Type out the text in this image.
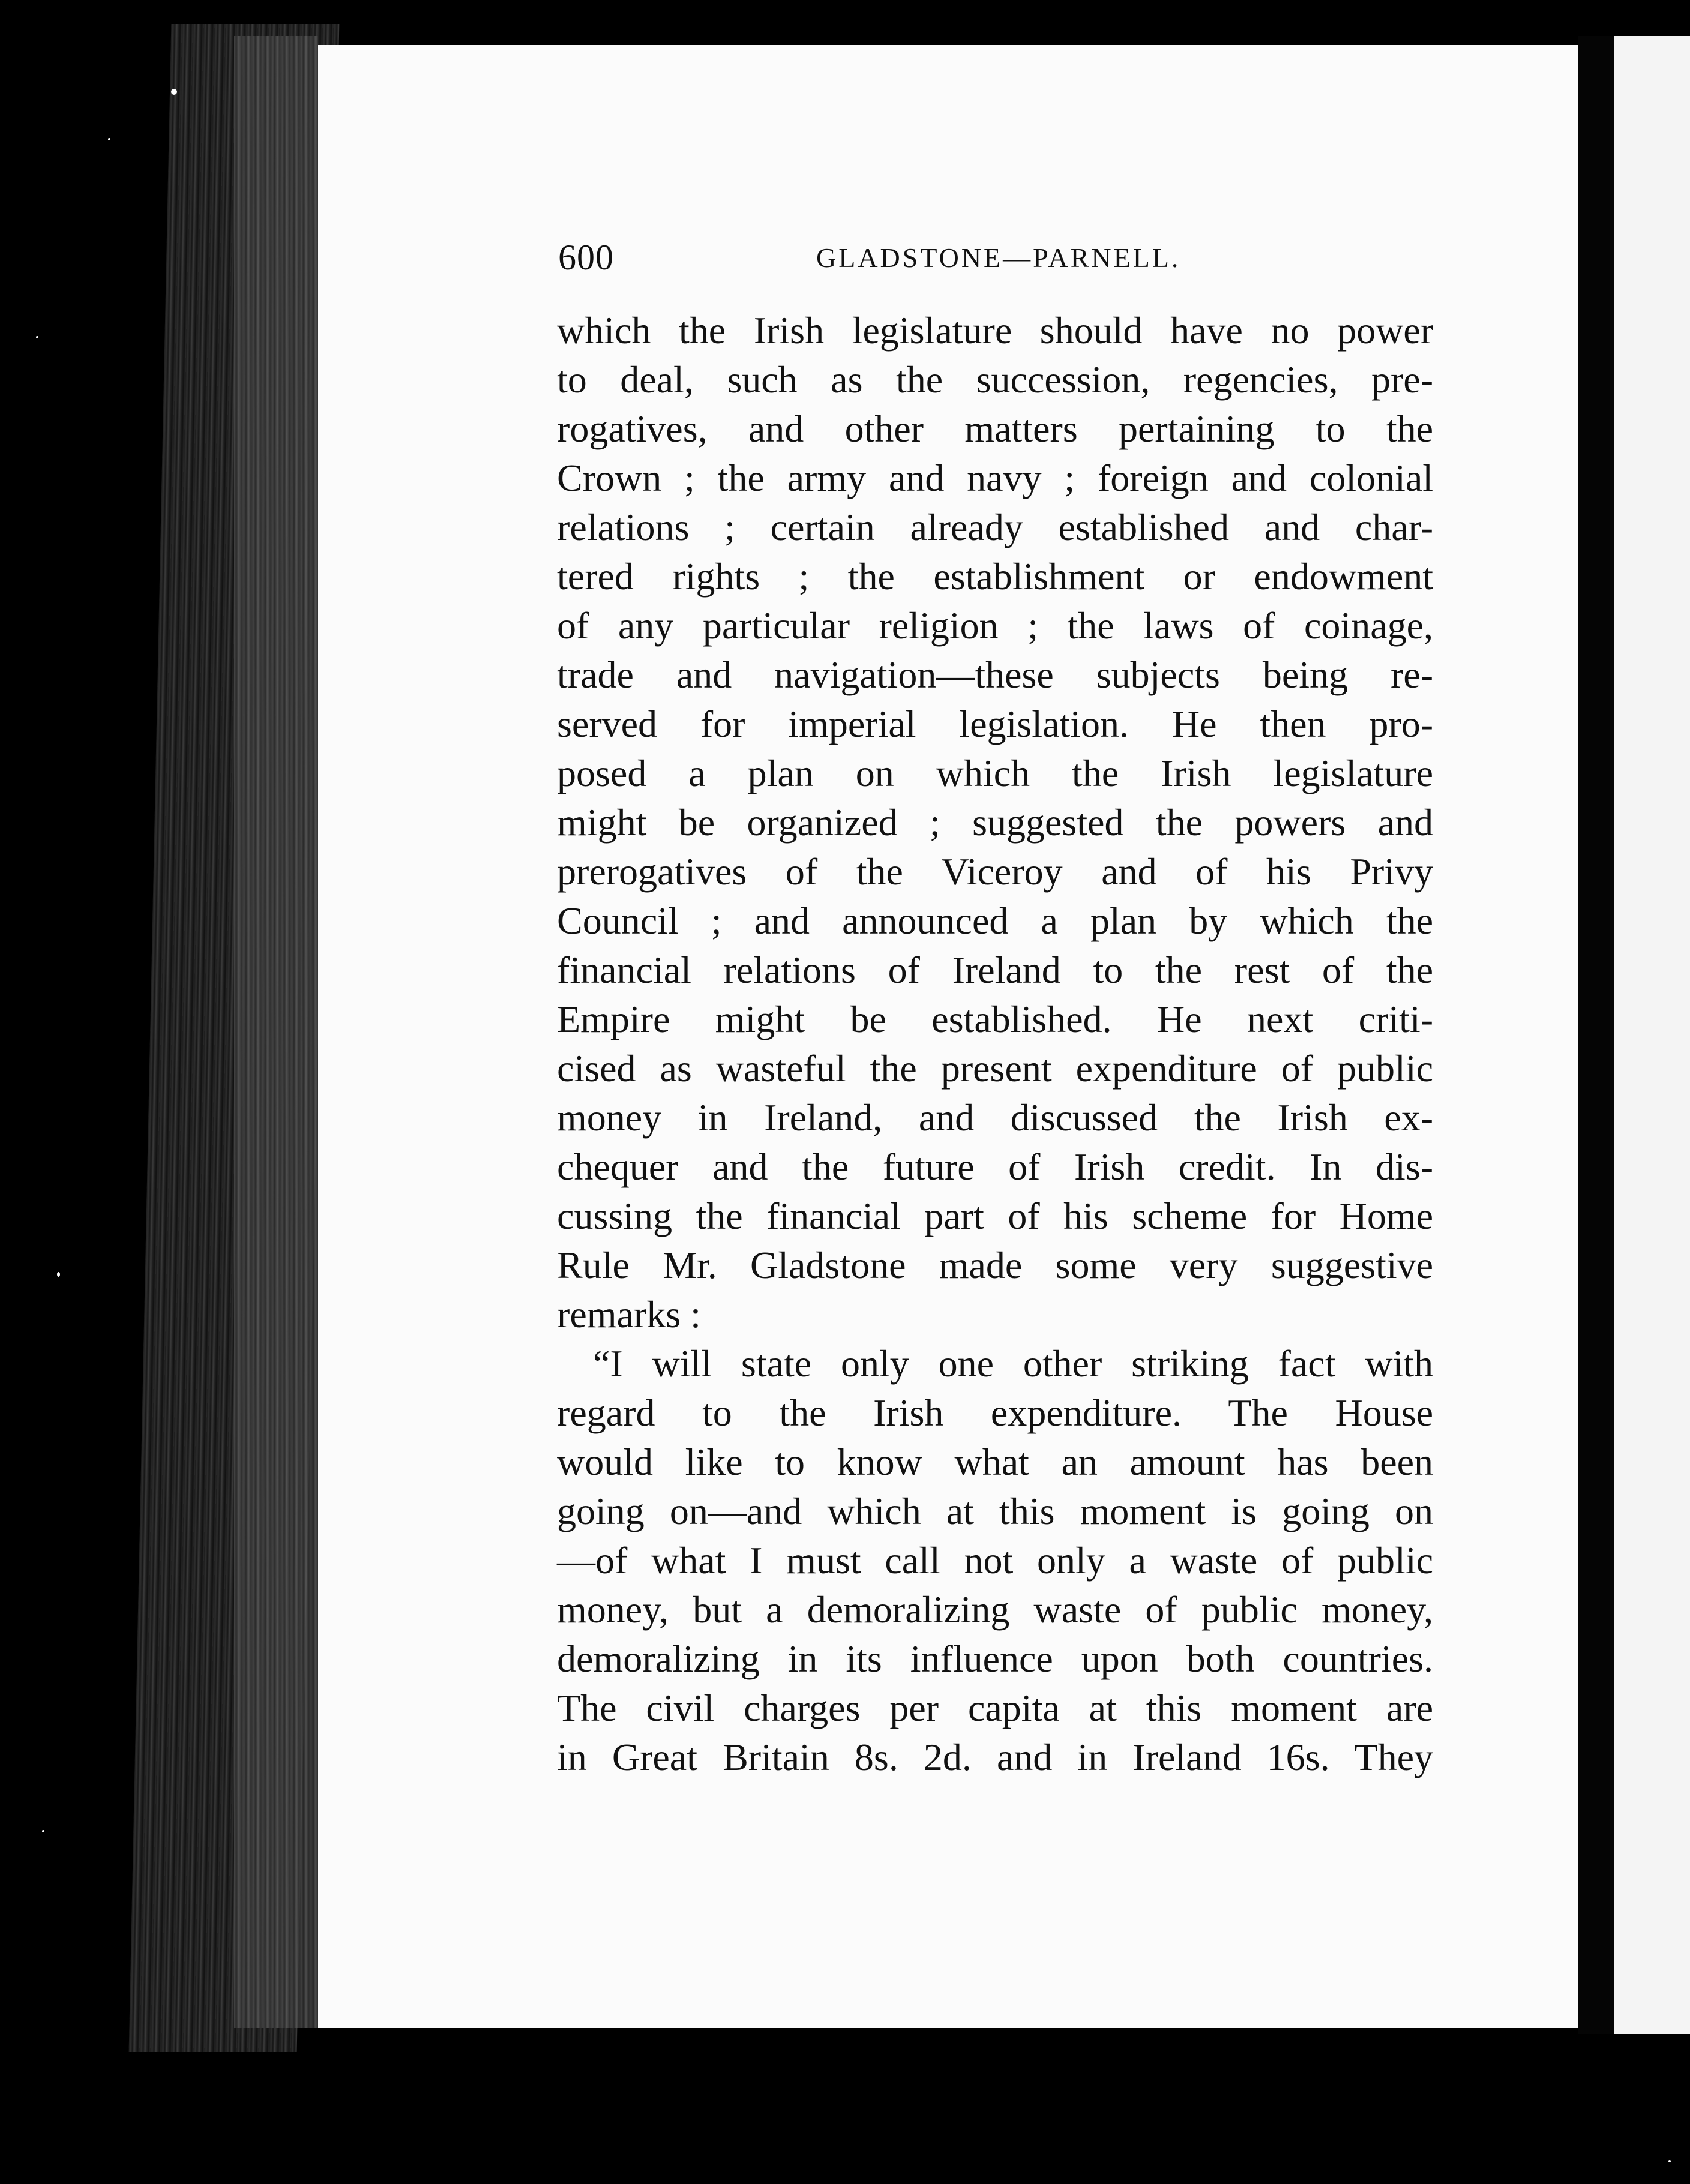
600	GLADSTONE—PARNELL.
which the Irish legislature should have no power
to deal, such as the succession, regencies, pre-
rogatives, and other matters pertaining to the
Crown ; the army and navy ; foreign and colonial
relations ; certain already established and char-
tered rights ; the establishment or endowment
of any particular religion ; the laws of coinage,
trade and navigation—these subjects being re-
served for imperial legislation. He then pro-
posed a plan on which the Irish legislature
might be organized ; suggested the powers and
prerogatives of the Viceroy and of his Privy
Council ; and announced a plan by which the
financial relations of Ireland to the rest of the
Empire might be established. He next criti-
cised as wasteful the present expenditure of public
money in Ireland, and discussed the Irish ex-
chequer and the future of Irish credit. In dis-
cussing the financial part of his scheme for Home
Rule Mr. Gladstone made some very suggestive
remarks :
“I will state only one other striking fact with
regard to the Irish expenditure. The House
would like to know what an amount has been
going on—and which at this moment is going on
—of what I must call not only a waste of public
money, but a demoralizing waste of public money,
demoralizing in its influence upon both countries.
The civil charges per capita at this moment are
in Great Britain 8s. 2d. and in Ireland 16s. They
